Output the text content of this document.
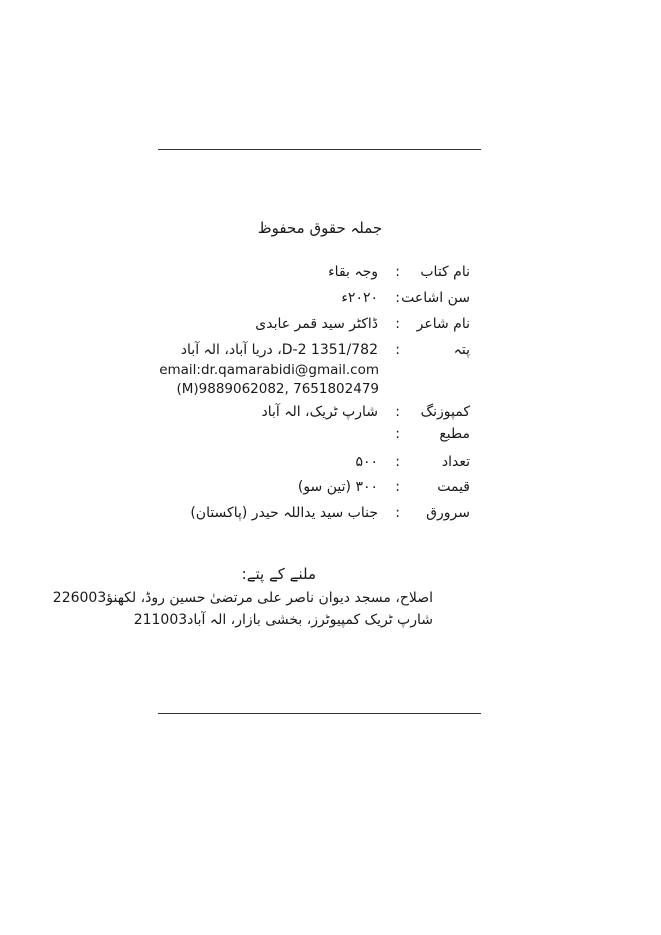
جملہ حقوق محفوظ
نام کتاب
:
وجہ بقاء
سن اشاعت
:
۲۰۲۰ء
نام شاعر
:
ڈاکٹر سید قمر عابدی
پتہ
:
D-2 1351/782، دریا آباد، الہ آباد
email:dr.qamarabidi@gmail.com
(M)9889062082, 7651802479
کمپوزنگ
:
شارپ ٹریک، الہ آباد
مطبع
:
تعداد
:
۵۰۰
قیمت
:
۳۰۰ (تین سو)
سرورق
:
جناب سید یداللہ حیدر (پاکستان)
ملنے کے پتے:
اصلاح، مسجد دیوان ناصر علی مرتضیٰ حسین روڈ، لکھنؤ226003
شارپ ٹریک کمپیوٹرز، بخشی بازار، الہ آباد211003
